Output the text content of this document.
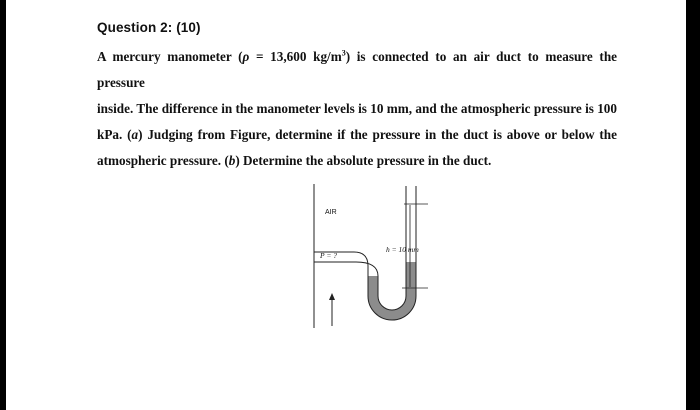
Question 2: (10)

A mercury manometer (ρ = 13,600 $kg/m^3$) is connected to an air duct to measure the pressure
inside. The difference in the manometer levels is 10 mm, and the atmospheric pressure is 100
kPa. (a) Judging from Figure, determine if the pressure in the duct is above or below the
atmospheric pressure. (b) Determine the absolute pressure in the duct.

AIR
P = ?
h = 10 mm
